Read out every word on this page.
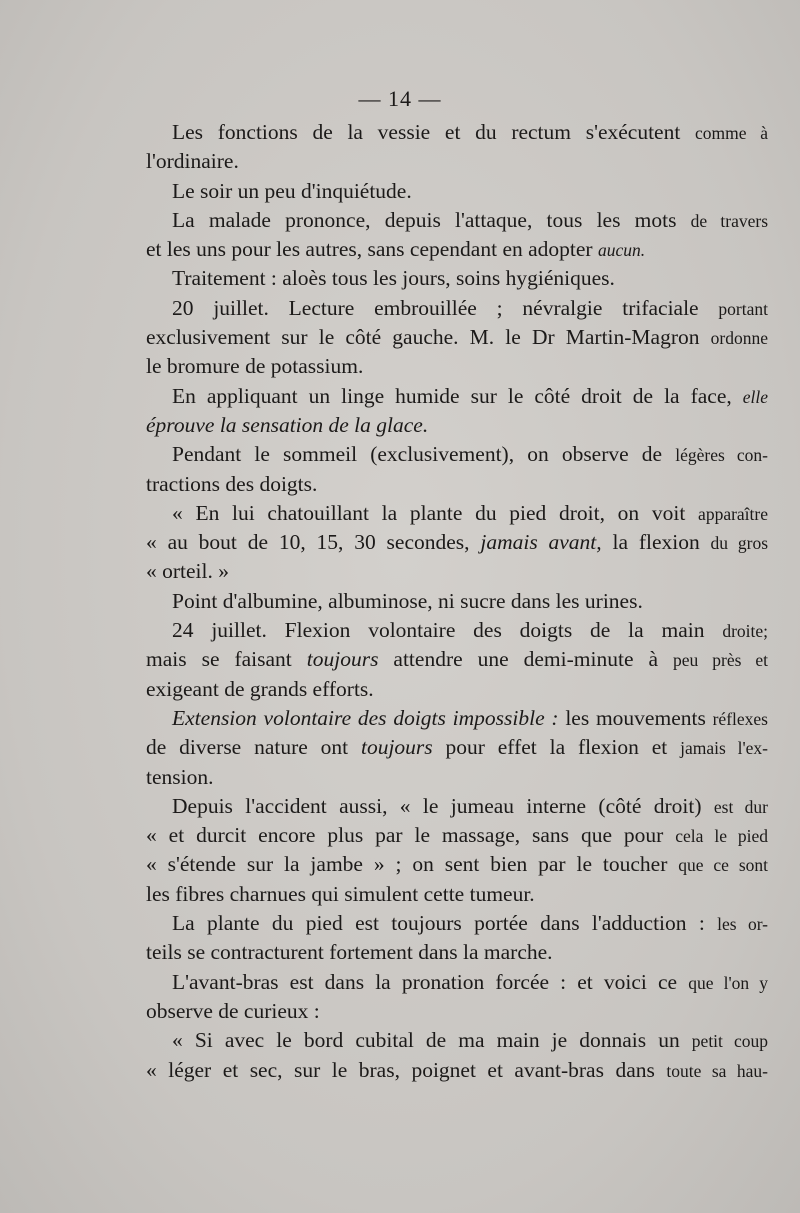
— 14 —
Les fonctions de la vessie et du rectum s'exécutent comme à
l'ordinaire.
Le soir un peu d'inquiétude.
La malade prononce, depuis l'attaque, tous les mots de travers
et les uns pour les autres, sans cependant en adopter aucun.
Traitement : aloès tous les jours, soins hygiéniques.
20 juillet. Lecture embrouillée ; névralgie trifaciale portant
exclusivement sur le côté gauche. M. le Dr Martin-Magron ordonne
le bromure de potassium.
En appliquant un linge humide sur le côté droit de la face, elle
éprouve la sensation de la glace.
Pendant le sommeil (exclusivement), on observe de légères con-
tractions des doigts.
« En lui chatouillant la plante du pied droit, on voit apparaître
« au bout de 10, 15, 30 secondes, jamais avant, la flexion du gros
« orteil. »
Point d'albumine, albuminose, ni sucre dans les urines.
24 juillet. Flexion volontaire des doigts de la main droite;
mais se faisant toujours attendre une demi-minute à peu près et
exigeant de grands efforts.
Extension volontaire des doigts impossible : les mouvements réflexes
de diverse nature ont toujours pour effet la flexion et jamais l'ex-
tension.
Depuis l'accident aussi, « le jumeau interne (côté droit) est dur
« et durcit encore plus par le massage, sans que pour cela le pied
« s'étende sur la jambe » ; on sent bien par le toucher que ce sont
les fibres charnues qui simulent cette tumeur.
La plante du pied est toujours portée dans l'adduction : les or-
teils se contracturent fortement dans la marche.
L'avant-bras est dans la pronation forcée : et voici ce que l'on y
observe de curieux :
« Si avec le bord cubital de ma main je donnais un petit coup
« léger et sec, sur le bras, poignet et avant-bras dans toute sa hau-
